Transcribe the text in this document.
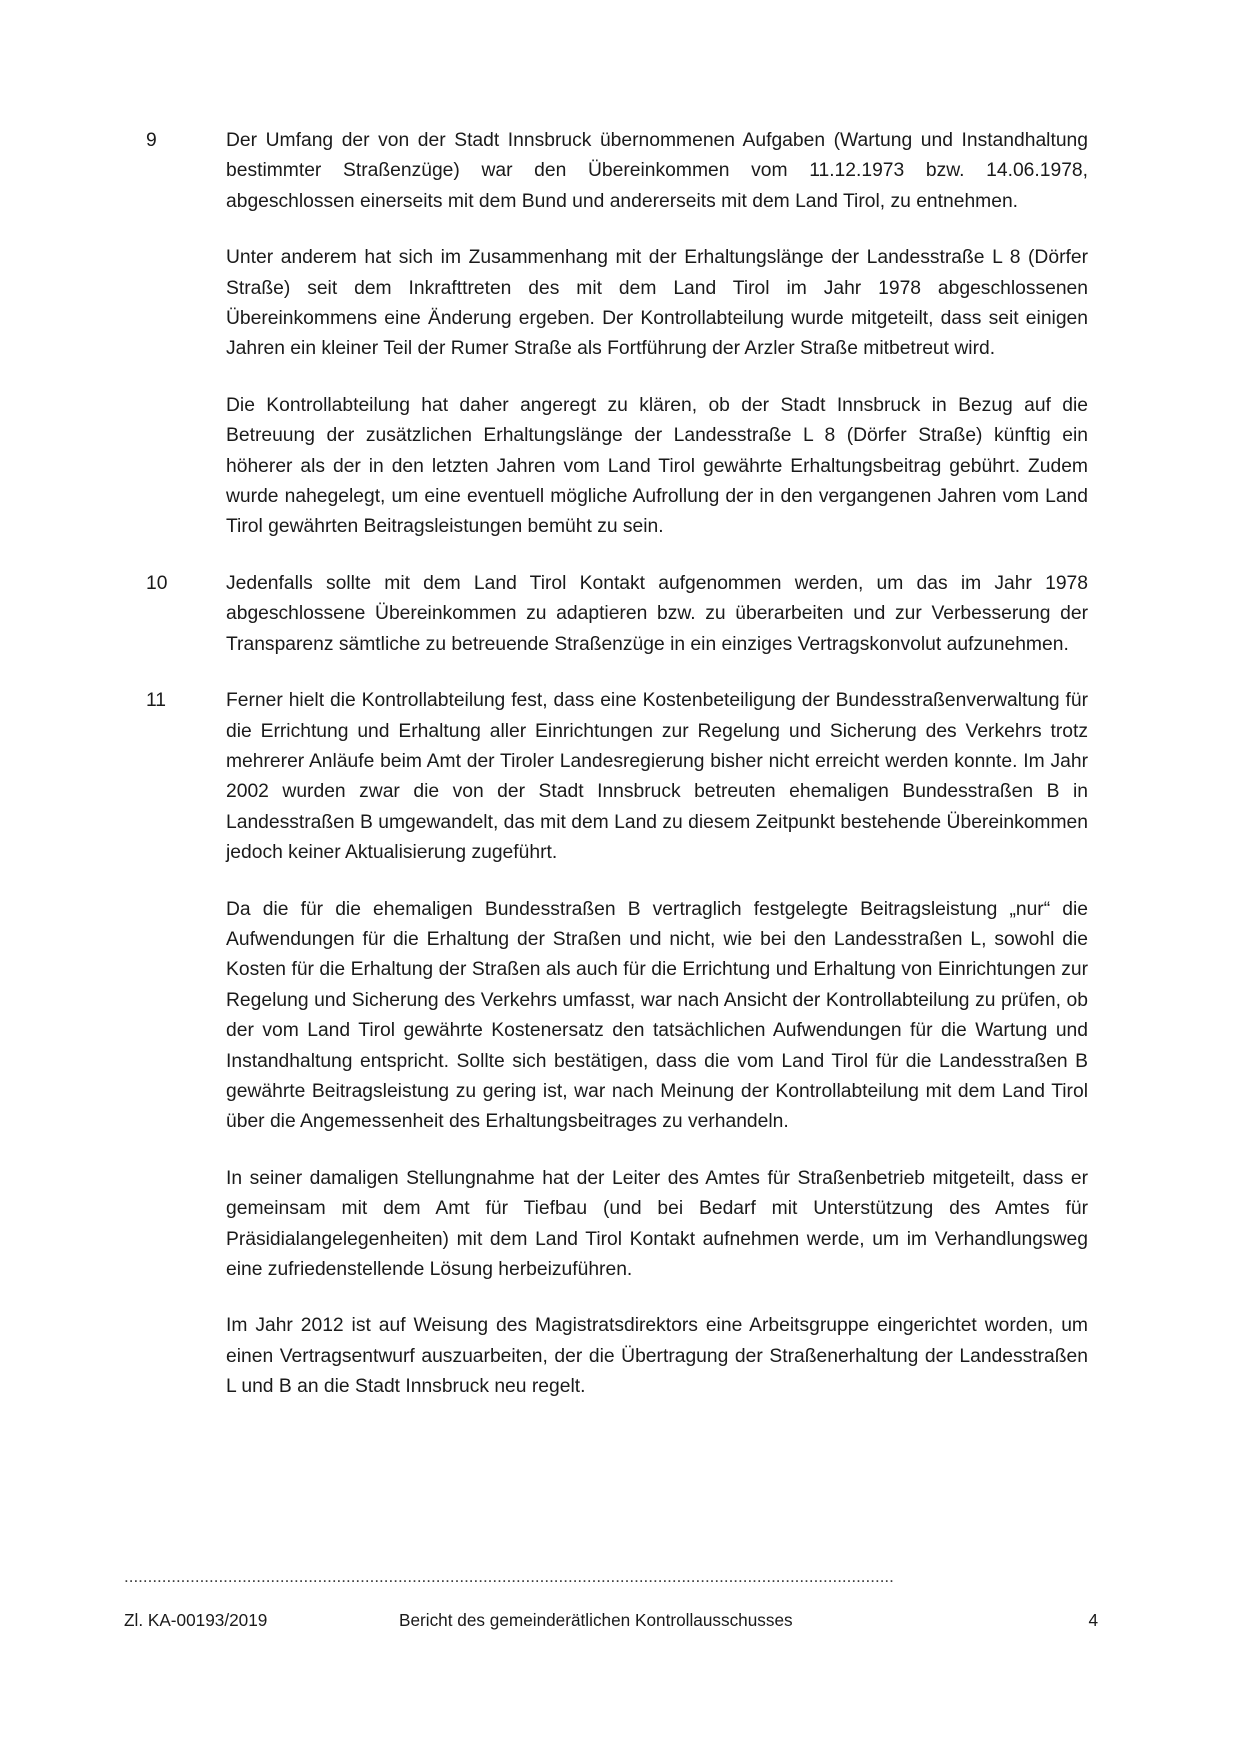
9	Der Umfang der von der Stadt Innsbruck übernommenen Aufgaben (Wartung und Instandhaltung bestimmter Straßenzüge) war den Übereinkommen vom 11.12.1973 bzw. 14.06.1978, abgeschlossen einerseits mit dem Bund und andererseits mit dem Land Tirol, zu entnehmen.

Unter anderem hat sich im Zusammenhang mit der Erhaltungslänge der Landesstraße L 8 (Dörfer Straße) seit dem Inkrafttreten des mit dem Land Tirol im Jahr 1978 abgeschlossenen Übereinkommens eine Änderung ergeben. Der Kontrollabteilung wurde mitgeteilt, dass seit einigen Jahren ein kleiner Teil der Rumer Straße als Fortführung der Arzler Straße mitbetreut wird.

Die Kontrollabteilung hat daher angeregt zu klären, ob der Stadt Innsbruck in Bezug auf die Betreuung der zusätzlichen Erhaltungslänge der Landesstraße L 8 (Dörfer Straße) künftig ein höherer als der in den letzten Jahren vom Land Tirol gewährte Erhaltungsbeitrag gebührt. Zudem wurde nahegelegt, um eine eventuell mögliche Aufrollung der in den vergangenen Jahren vom Land Tirol gewährten Beitragsleistungen bemüht zu sein.

10	Jedenfalls sollte mit dem Land Tirol Kontakt aufgenommen werden, um das im Jahr 1978 abgeschlossene Übereinkommen zu adaptieren bzw. zu überarbeiten und zur Verbesserung der Transparenz sämtliche zu betreuende Straßenzüge in ein einziges Vertragskonvolut aufzunehmen.

11	Ferner hielt die Kontrollabteilung fest, dass eine Kostenbeteiligung der Bundesstraßenverwaltung für die Errichtung und Erhaltung aller Einrichtungen zur Regelung und Sicherung des Verkehrs trotz mehrerer Anläufe beim Amt der Tiroler Landesregierung bisher nicht erreicht werden konnte. Im Jahr 2002 wurden zwar die von der Stadt Innsbruck betreuten ehemaligen Bundesstraßen B in Landesstraßen B umgewandelt, das mit dem Land zu diesem Zeitpunkt bestehende Übereinkommen jedoch keiner Aktualisierung zugeführt.

Da die für die ehemaligen Bundesstraßen B vertraglich festgelegte Beitragsleistung „nur“ die Aufwendungen für die Erhaltung der Straßen und nicht, wie bei den Landesstraßen L, sowohl die Kosten für die Erhaltung der Straßen als auch für die Errichtung und Erhaltung von Einrichtungen zur Regelung und Sicherung des Verkehrs umfasst, war nach Ansicht der Kontrollabteilung zu prüfen, ob der vom Land Tirol gewährte Kostenersatz den tatsächlichen Aufwendungen für die Wartung und Instandhaltung entspricht. Sollte sich bestätigen, dass die vom Land Tirol für die Landesstraßen B gewährte Beitragsleistung zu gering ist, war nach Meinung der Kontrollabteilung mit dem Land Tirol über die Angemessenheit des Erhaltungsbeitrages zu verhandeln.

In seiner damaligen Stellungnahme hat der Leiter des Amtes für Straßenbetrieb mitgeteilt, dass er gemeinsam mit dem Amt für Tiefbau (und bei Bedarf mit Unterstützung des Amtes für Präsidialangelegenheiten) mit dem Land Tirol Kontakt aufnehmen werde, um im Verhandlungsweg eine zufriedenstellende Lösung herbeizuführen.

Im Jahr 2012 ist auf Weisung des Magistratsdirektors eine Arbeitsgruppe eingerichtet worden, um einen Vertragsentwurf auszuarbeiten, der die Übertragung der Straßenerhaltung der Landesstraßen L und B an die Stadt Innsbruck neu regelt.

...................................................................................................................................................................
Zl. KA-00193/2019	Bericht des gemeinderätlichen Kontrollausschusses	4
